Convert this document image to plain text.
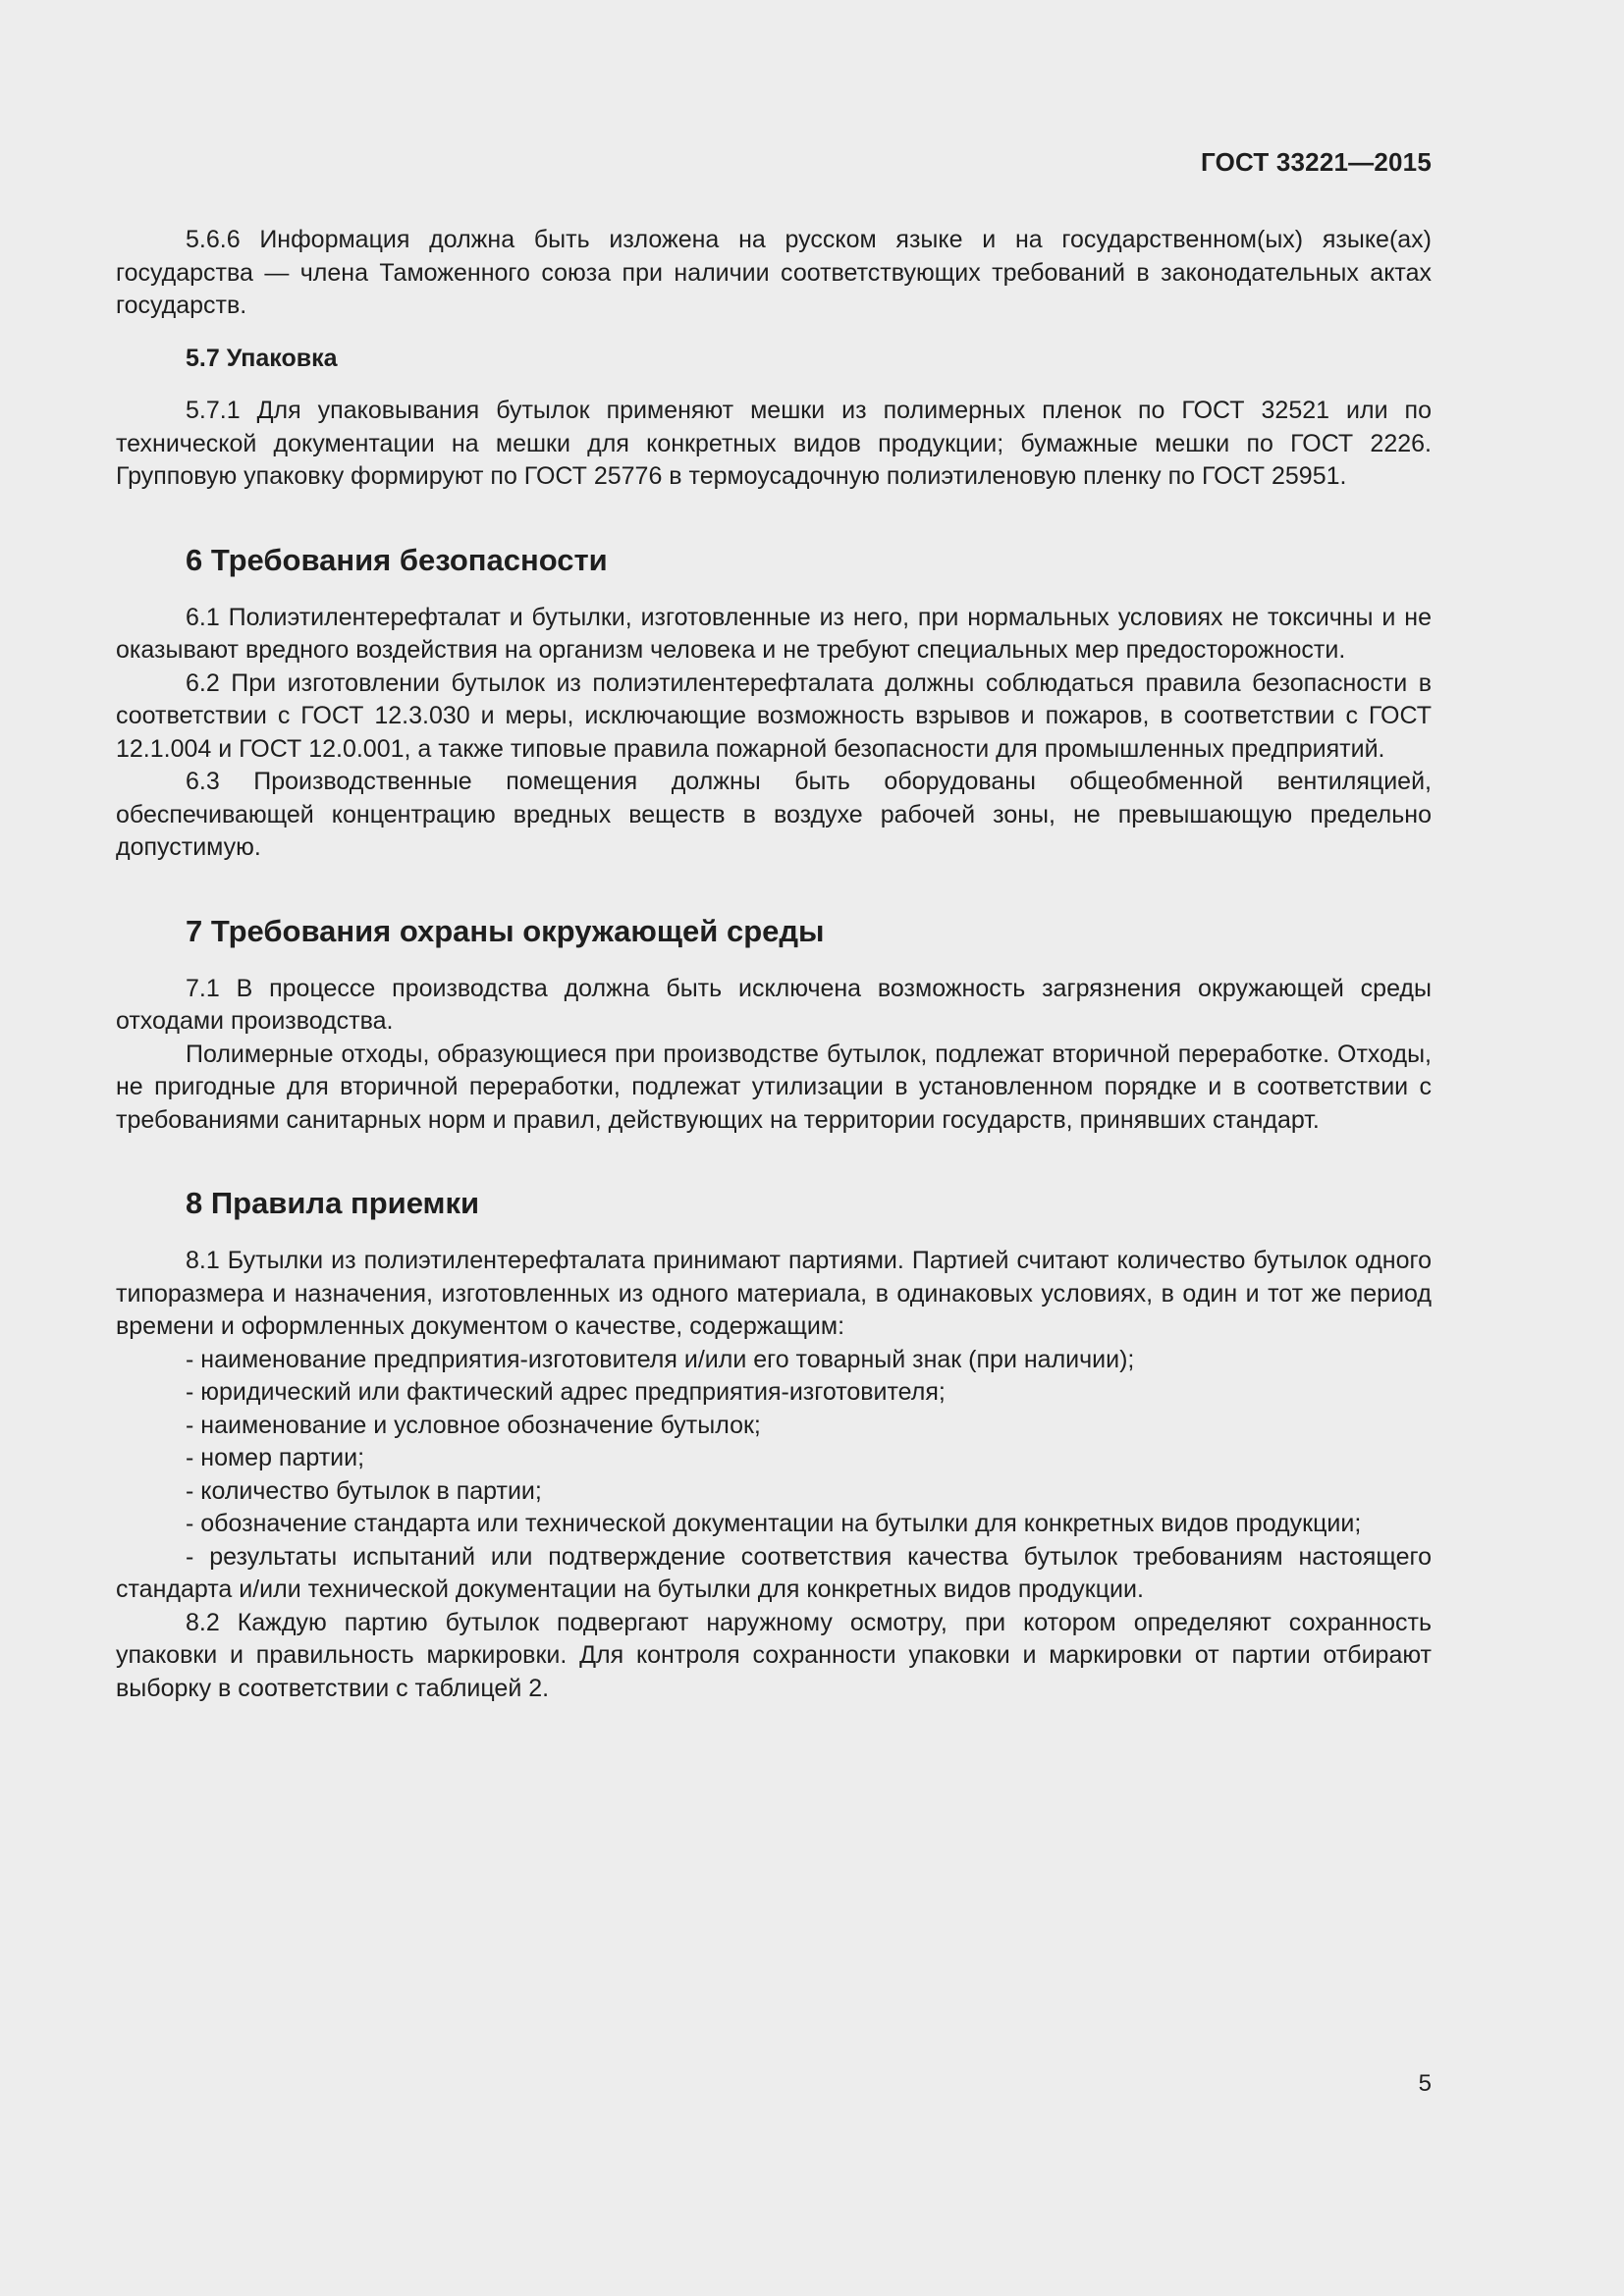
ГОСТ 33221—2015

5.6.6 Информация должна быть изложена на русском языке и на государственном(ых) языке(ах) государства — члена Таможенного союза при наличии соответствующих требований в законодательных актах государств.

5.7 Упаковка

5.7.1 Для упаковывания бутылок применяют мешки из полимерных пленок по ГОСТ 32521 или по технической документации на мешки для конкретных видов продукции; бумажные мешки по ГОСТ 2226. Групповую упаковку формируют по ГОСТ 25776 в термоусадочную полиэтиленовую пленку по ГОСТ 25951.

6 Требования безопасности

6.1 Полиэтилентерефталат и бутылки, изготовленные из него, при нормальных условиях не токсичны и не оказывают вредного воздействия на организм человека и не требуют специальных мер предосторожности.

6.2 При изготовлении бутылок из полиэтилентерефталата должны соблюдаться правила безопасности в соответствии с ГОСТ 12.3.030 и меры, исключающие возможность взрывов и пожаров, в соответствии с ГОСТ 12.1.004 и ГОСТ 12.0.001, а также типовые правила пожарной безопасности для промышленных предприятий.

6.3 Производственные помещения должны быть оборудованы общеобменной вентиляцией, обеспечивающей концентрацию вредных веществ в воздухе рабочей зоны, не превышающую предельно допустимую.

7 Требования охраны окружающей среды

7.1 В процессе производства должна быть исключена возможность загрязнения окружающей среды отходами производства.

Полимерные отходы, образующиеся при производстве бутылок, подлежат вторичной переработке. Отходы, не пригодные для вторичной переработки, подлежат утилизации в установленном порядке и в соответствии с требованиями санитарных норм и правил, действующих на территории государств, принявших стандарт.

8 Правила приемки

8.1 Бутылки из полиэтилентерефталата принимают партиями. Партией считают количество бутылок одного типоразмера и назначения, изготовленных из одного материала, в одинаковых условиях, в один и тот же период времени и оформленных документом о качестве, содержащим:

- наименование предприятия-изготовителя и/или его товарный знак (при наличии);

- юридический или фактический адрес предприятия-изготовителя;

- наименование и условное обозначение бутылок;

- номер партии;

- количество бутылок в партии;

- обозначение стандарта или технической документации на бутылки для конкретных видов продукции;

- результаты испытаний или подтверждение соответствия качества бутылок требованиям настоящего стандарта и/или технической документации на бутылки для конкретных видов продукции.

8.2 Каждую партию бутылок подвергают наружному осмотру, при котором определяют сохранность упаковки и правильность маркировки. Для контроля сохранности упаковки и маркировки от партии отбирают выборку в соответствии с таблицей 2.

5
